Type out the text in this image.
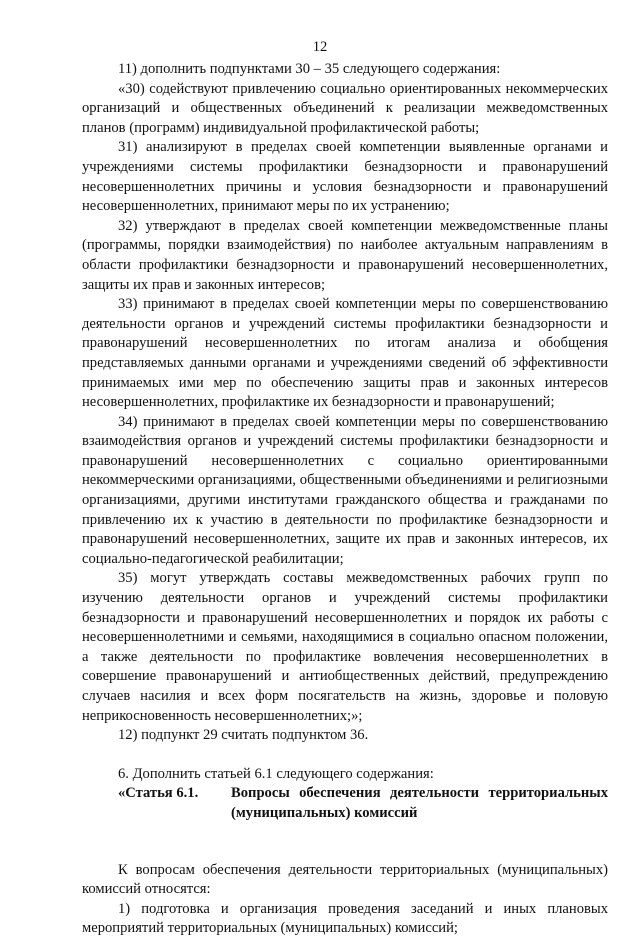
12

11) дополнить подпунктами 30 – 35 следующего содержания:

«30) содействуют привлечению социально ориентированных некоммерческих организаций и общественных объединений к реализации межведомственных планов (программ) индивидуальной профилактической работы;

31) анализируют в пределах своей компетенции выявленные органами и учреждениями системы профилактики безнадзорности и правонарушений несовершеннолетних причины и условия безнадзорности и правонарушений несовершеннолетних, принимают меры по их устранению;

32) утверждают в пределах своей компетенции межведомственные планы (программы, порядки взаимодействия) по наиболее актуальным направлениям в области профилактики безнадзорности и правонарушений несовершеннолетних, защиты их прав и законных интересов;

33) принимают в пределах своей компетенции меры по совершенствованию деятельности органов и учреждений системы профилактики безнадзорности и правонарушений несовершеннолетних по итогам анализа и обобщения представляемых данными органами и учреждениями сведений об эффективности принимаемых ими мер по обеспечению защиты прав и законных интересов несовершеннолетних, профилактике их безнадзорности и правонарушений;

34) принимают в пределах своей компетенции меры по совершенствованию взаимодействия органов и учреждений системы профилактики безнадзорности и правонарушений несовершеннолетних с социально ориентированными некоммерческими организациями, общественными объединениями и религиозными организациями, другими институтами гражданского общества и гражданами по привлечению их к участию в деятельности по профилактике безнадзорности и правонарушений несовершеннолетних, защите их прав и законных интересов, их социально-педагогической реабилитации;

35) могут утверждать составы межведомственных рабочих групп по изучению деятельности органов и учреждений системы профилактики безнадзорности и правонарушений несовершеннолетних и порядок их работы с несовершеннолетними и семьями, находящимися в социально опасном положении, а также деятельности по профилактике вовлечения несовершеннолетних в совершение правонарушений и антиобщественных действий, предупреждению случаев насилия и всех форм посягательств на жизнь, здоровье и половую неприкосновенность несовершеннолетних;»;

12) подпункт 29 считать подпунктом 36.

6. Дополнить статьей 6.1 следующего содержания:

«Статья 6.1.	Вопросы обеспечения деятельности территориальных (муниципальных) комиссий

К вопросам обеспечения деятельности территориальных (муниципальных) комиссий относятся:

1) подготовка и организация проведения заседаний и иных плановых мероприятий территориальных (муниципальных) комиссий;
